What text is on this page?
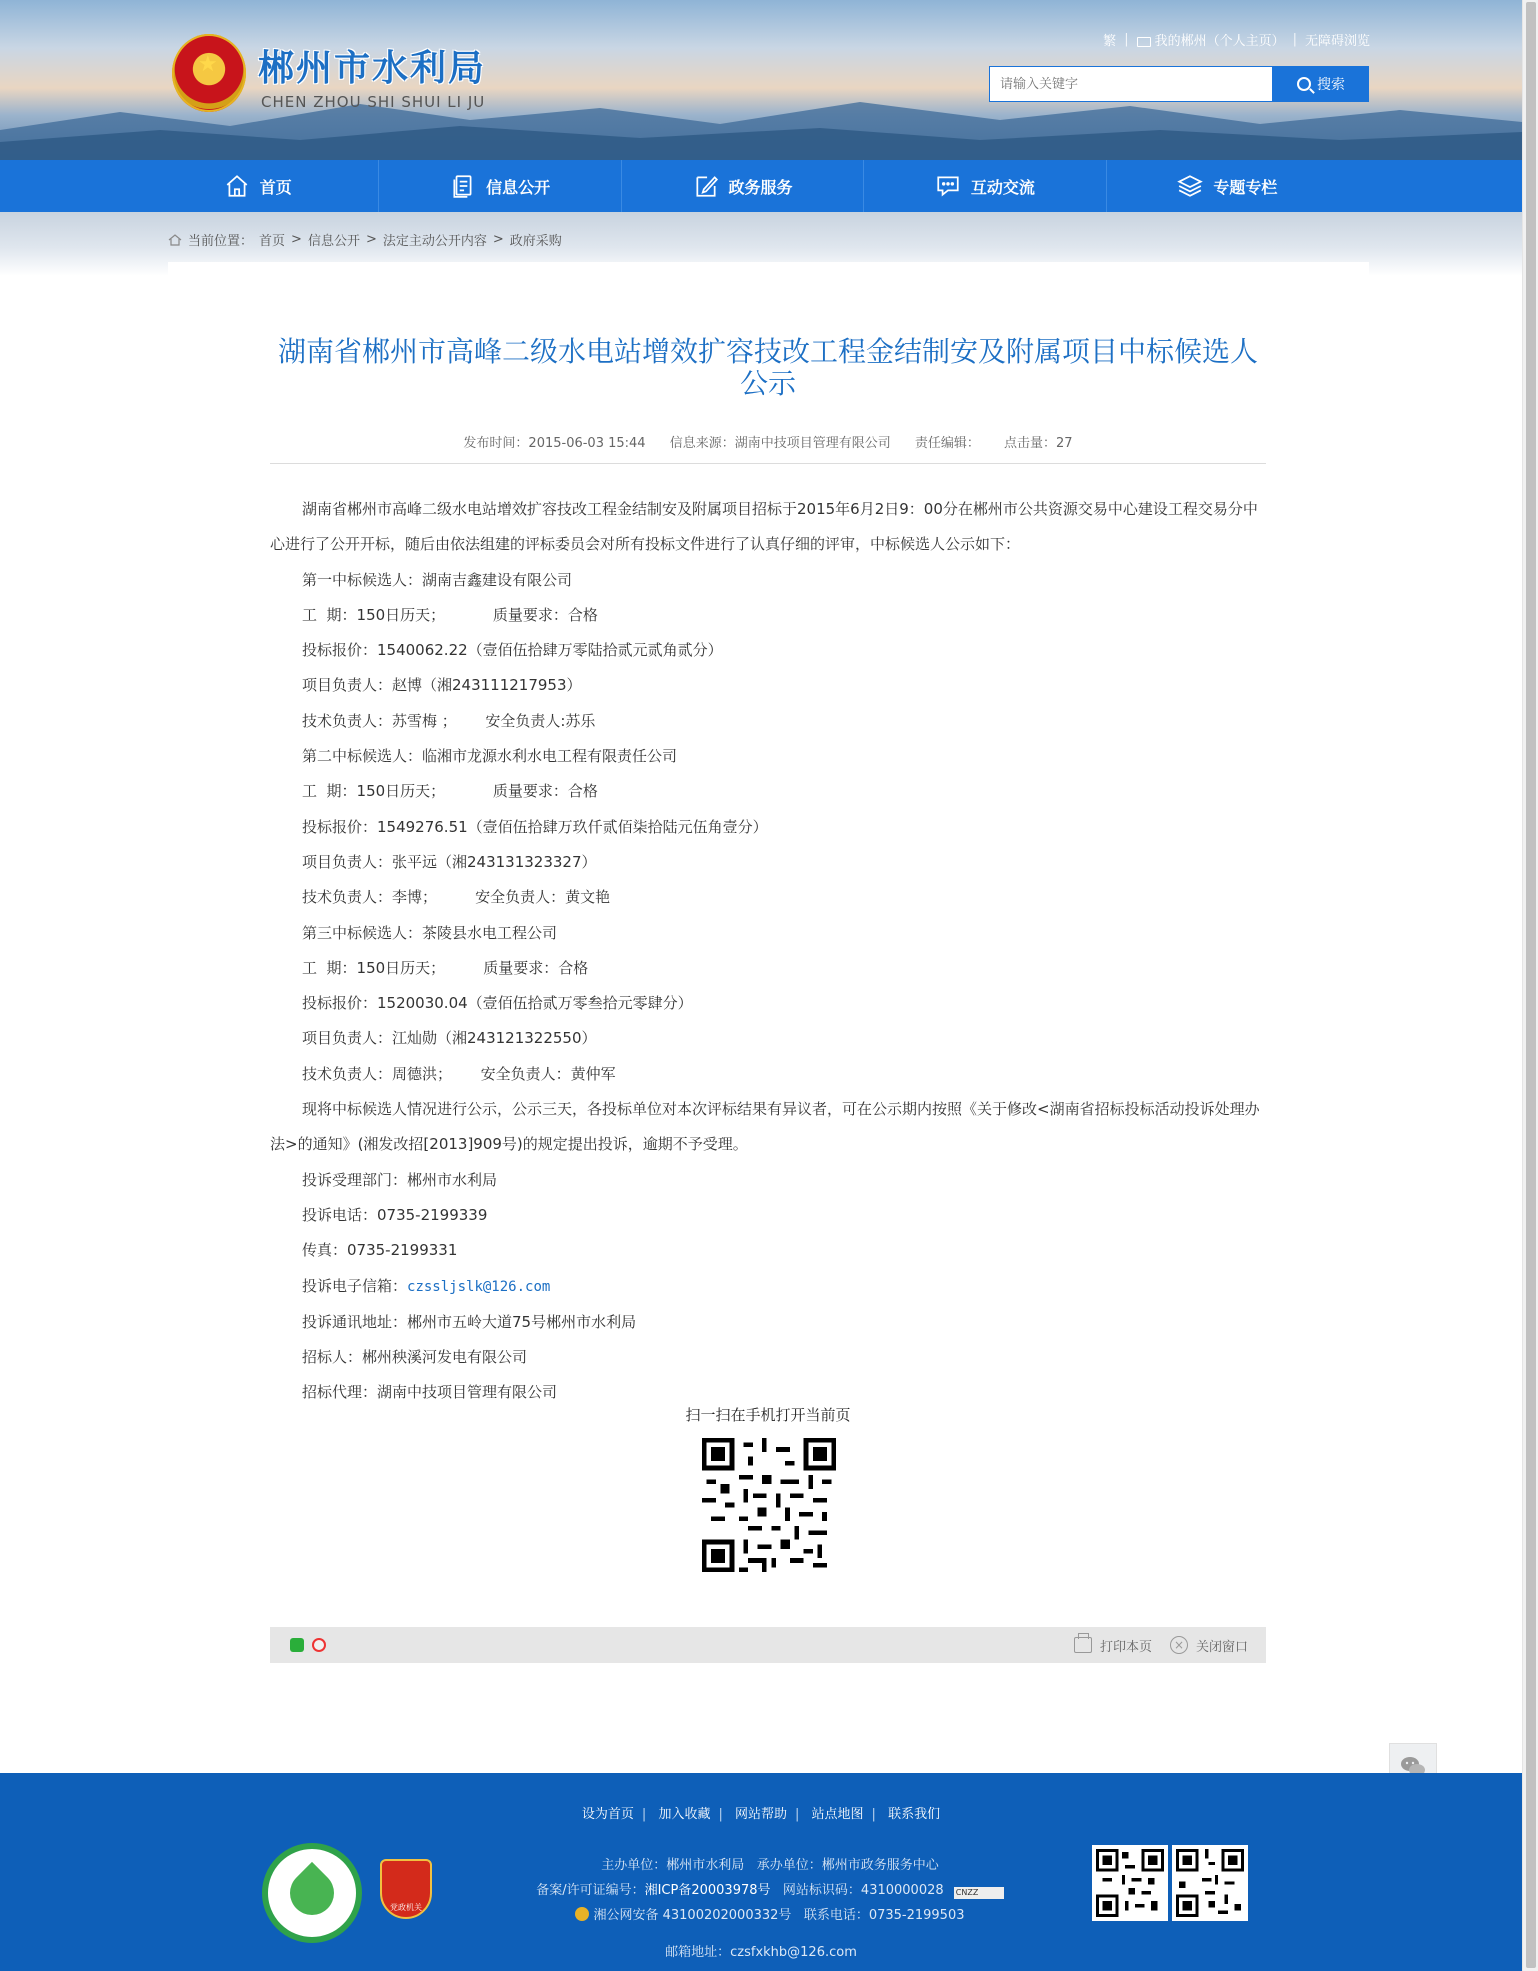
★ 郴州市水利局
CHEN ZHOU SHI SHUI LI JU
繁 |	我的郴州（个人主页） | 无障碍浏览
请输入关键字
搜索
首页	信息公开	政务服务	互动交流	专题专栏
当前位置： 首页 > 信息公开 > 法定主动公开内容 > 政府采购
湖南省郴州市高峰二级水电站增效扩容技改工程金结制安及附属项目中标候选人公示
发布时间：2015-06-03 15:44 信息来源：湖南中技项目管理有限公司 责任编辑： 点击量：27

湖南省郴州市高峰二级水电站增效扩容技改工程金结制安及附属项目招标于2015年6月2日9：00分在郴州市公共资源交易中心建设工程交易分中心进行了公开开标，随后由依法组建的评标委员会对所有投标文件进行了认真仔细的评审，中标候选人公示如下：

第一中标候选人：湖南吉鑫建设有限公司

工  期：150日历天；          质量要求：合格

投标报价：1540062.22（壹佰伍拾肆万零陆拾贰元贰角贰分）

项目负责人：赵博（湘243111217953）

技术负责人：苏雪梅 ；      安全负责人:苏乐

第二中标候选人：临湘市龙源水利水电工程有限责任公司

工  期：150日历天；          质量要求：合格

投标报价：1549276.51（壹佰伍拾肆万玖仟贰佰柒拾陆元伍角壹分）

项目负责人：张平远（湘243131323327）

技术负责人：李博；        安全负责人：黄文艳

第三中标候选人：茶陵县水电工程公司

工  期：150日历天；        质量要求：合格

投标报价：1520030.04（壹佰伍拾贰万零叁拾元零肆分）

项目负责人：江灿勋（湘243121322550）

技术负责人：周德洪；      安全负责人：黄仲军

现将中标候选人情况进行公示，公示三天，各投标单位对本次评标结果有异议者，可在公示期内按照《关于修改<湖南省招标投标活动投诉处理办法>的通知》(湘发改招[2013]909号)的规定提出投诉，逾期不予受理。

投诉受理部门：郴州市水利局

投诉电话：0735-2199339

传真：0735-2199331

投诉电子信箱：czssljslk@126.com

投诉通讯地址：郴州市五岭大道75号郴州市水利局

招标人：郴州秧溪河发电有限公司

招标代理：湖南中技项目管理有限公司

扫一扫在手机打开当前页
打印本页	× 关闭窗口
设为首页 | 加入收藏 | 网站帮助 | 站点地图 | 联系我们
党政机关
主办单位：郴州市水利局 承办单位：郴州市政务服务中心
备案/许可证编号：湘ICP备20003978号 网站标识码：4310000028 CNZZ
湘公网安备 43100202000332号 联系电话：0735-2199503
邮箱地址：czsfxkhb@126.com
